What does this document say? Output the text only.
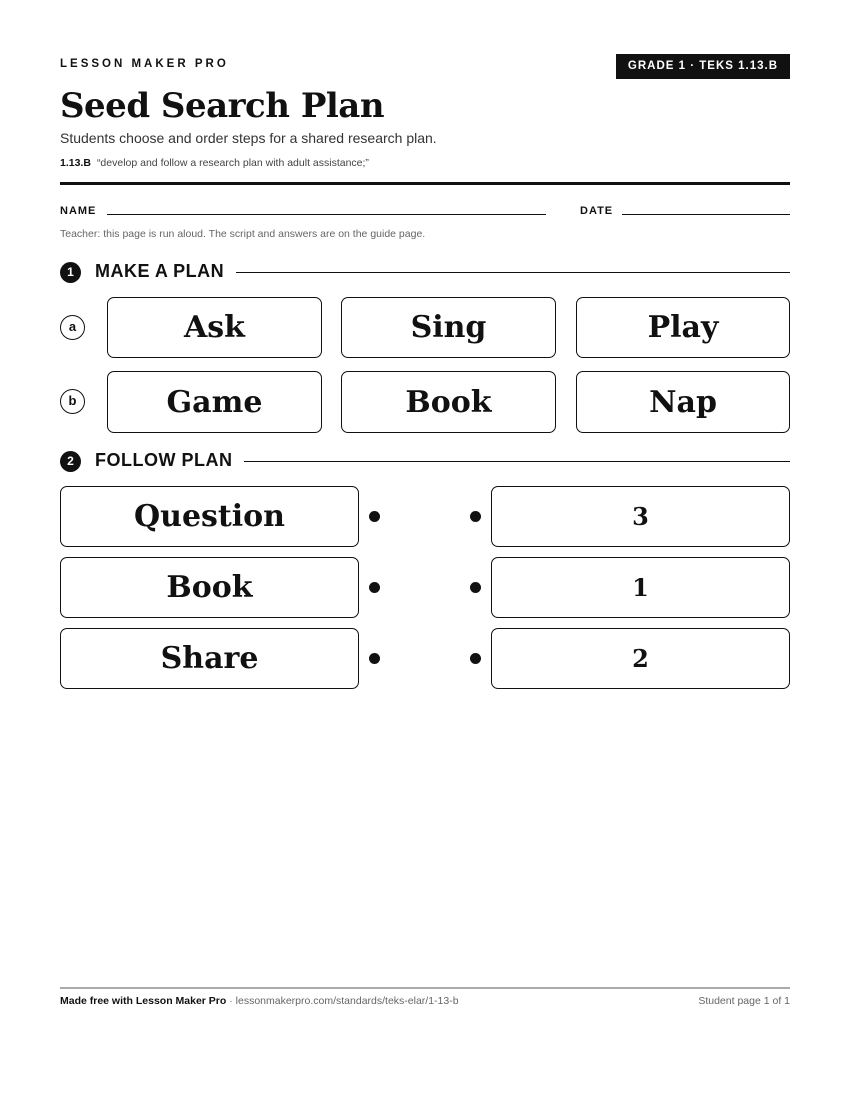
LESSON MAKER PRO	GRADE 1 · TEKS 1.13.B
Seed Search Plan
Students choose and order steps for a shared research plan.
1.13.B “develop and follow a research plan with adult assistance;”
NAME	DATE
Teacher: this page is run aloud. The script and answers are on the guide page.
1	MAKE A PLAN
a	Ask	Sing	Play
b	Game	Book	Nap
2	FOLLOW PLAN
Question	3
Book	1
Share	2
Made free with Lesson Maker Pro · lessonmakerpro.com/standards/teks-elar/1-13-b	Student page 1 of 1
